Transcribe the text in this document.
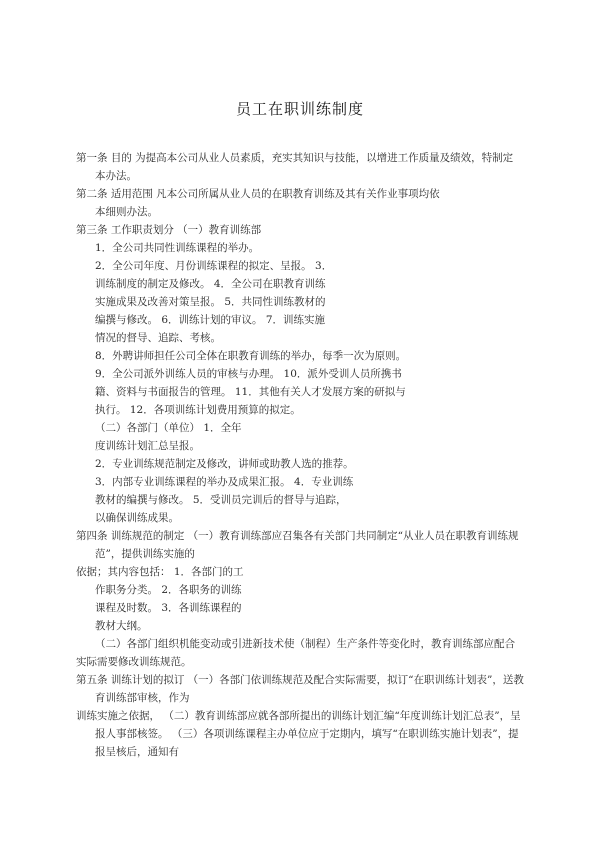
员工在职训练制度
第一条 目的 为提高本公司从业人员素质，充实其知识与技能，以增进工作质量及绩效，特制定
本办法。
第二条 适用范围 凡本公司所属从业人员的在职教育训练及其有关作业事项均依
本细则办法。
第三条 工作职责划分 （一）教育训练部
1．全公司共同性训练课程的举办。
2．全公司年度、月份训练课程的拟定、呈报。 3．
训练制度的制定及修改。 4．全公司在职教育训练
实施成果及改善对策呈报。 5．共同性训练教材的
编撰与修改。 6．训练计划的审议。 7．训练实施
情况的督导、追踪、考核。
8．外聘讲师担任公司全体在职教育训练的举办，每季一次为原则。
9．全公司派外训练人员的审核与办理。 10．派外受训人员所携书
籍、资料与书面报告的管理。 11．其他有关人才发展方案的研拟与
执行。 12．各项训练计划费用预算的拟定。
（二）各部门（单位） 1．全年
度训练计划汇总呈报。
2．专业训练规范制定及修改，讲师或助教人选的推荐。
3．内部专业训练课程的举办及成果汇报。 4．专业训练
教材的编撰与修改。 5．受训员完训后的督导与追踪，
以确保训练成果。
第四条 训练规范的制定 （一）教育训练部应召集各有关部门共同制定“从业人员在职教育训练规
范”，提供训练实施的
依据；其内容包括： 1．各部门的工
作职务分类。 2．各职务的训练
课程及时数。 3．各训练课程的
教材大纲。
（二）各部门组织机能变动或引进新技术使（制程）生产条件等变化时，教育训练部应配合
实际需要修改训练规范。
第五条 训练计划的拟订 （一）各部门依训练规范及配合实际需要，拟订“在职训练计划表”，送教
育训练部审核，作为
训练实施之依据， （二）教育训练部应就各部所提出的训练计划汇编“年度训练计划汇总表”，呈
报人事部核签。 （三）各项训练课程主办单位应于定期内，填写“在职训练实施计划表”，提
报呈核后，通知有
